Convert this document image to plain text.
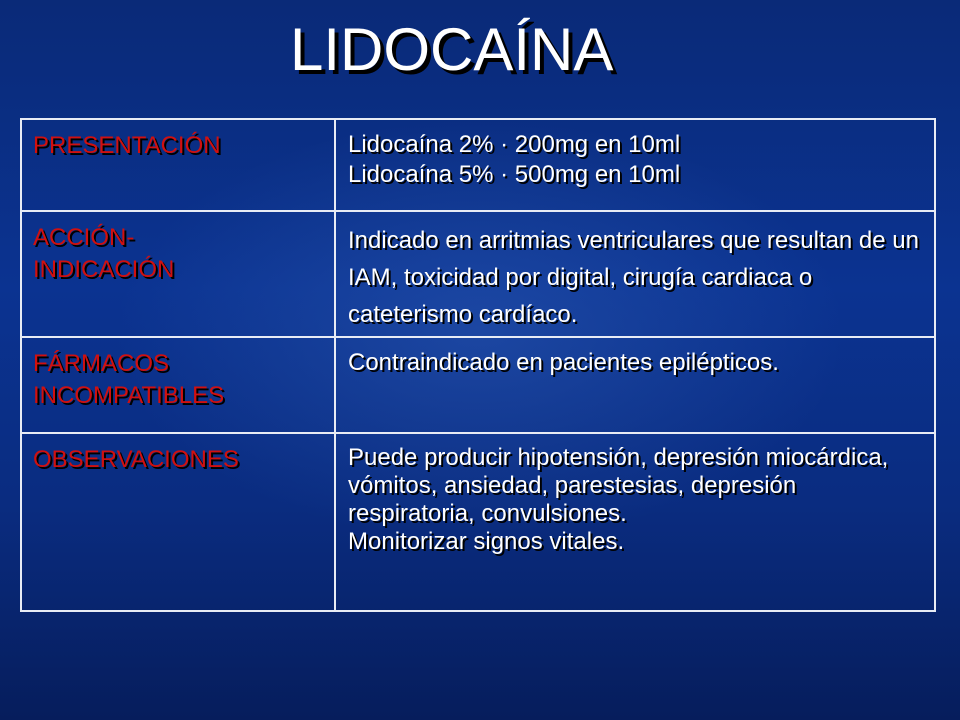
LIDOCAÍNA
PRESENTACIÓN	Lidocaína 2% · 200mg en 10ml

Lidocaína 5% · 500mg en 10ml

ACCIÓN-
INDICACIÓN	Indicado en arritmias ventriculares que resultan de un IAM, toxicidad por digital, cirugía cardiaca o cateterismo cardíaco.

FÁRMACOS INCOMPATIBLES	Contraindicado en pacientes epilépticos.

OBSERVACIONES	Puede producir hipotensión, depresión miocárdica, vómitos, ansiedad, parestesias, depresión respiratoria, convulsiones.

Monitorizar signos vitales.
